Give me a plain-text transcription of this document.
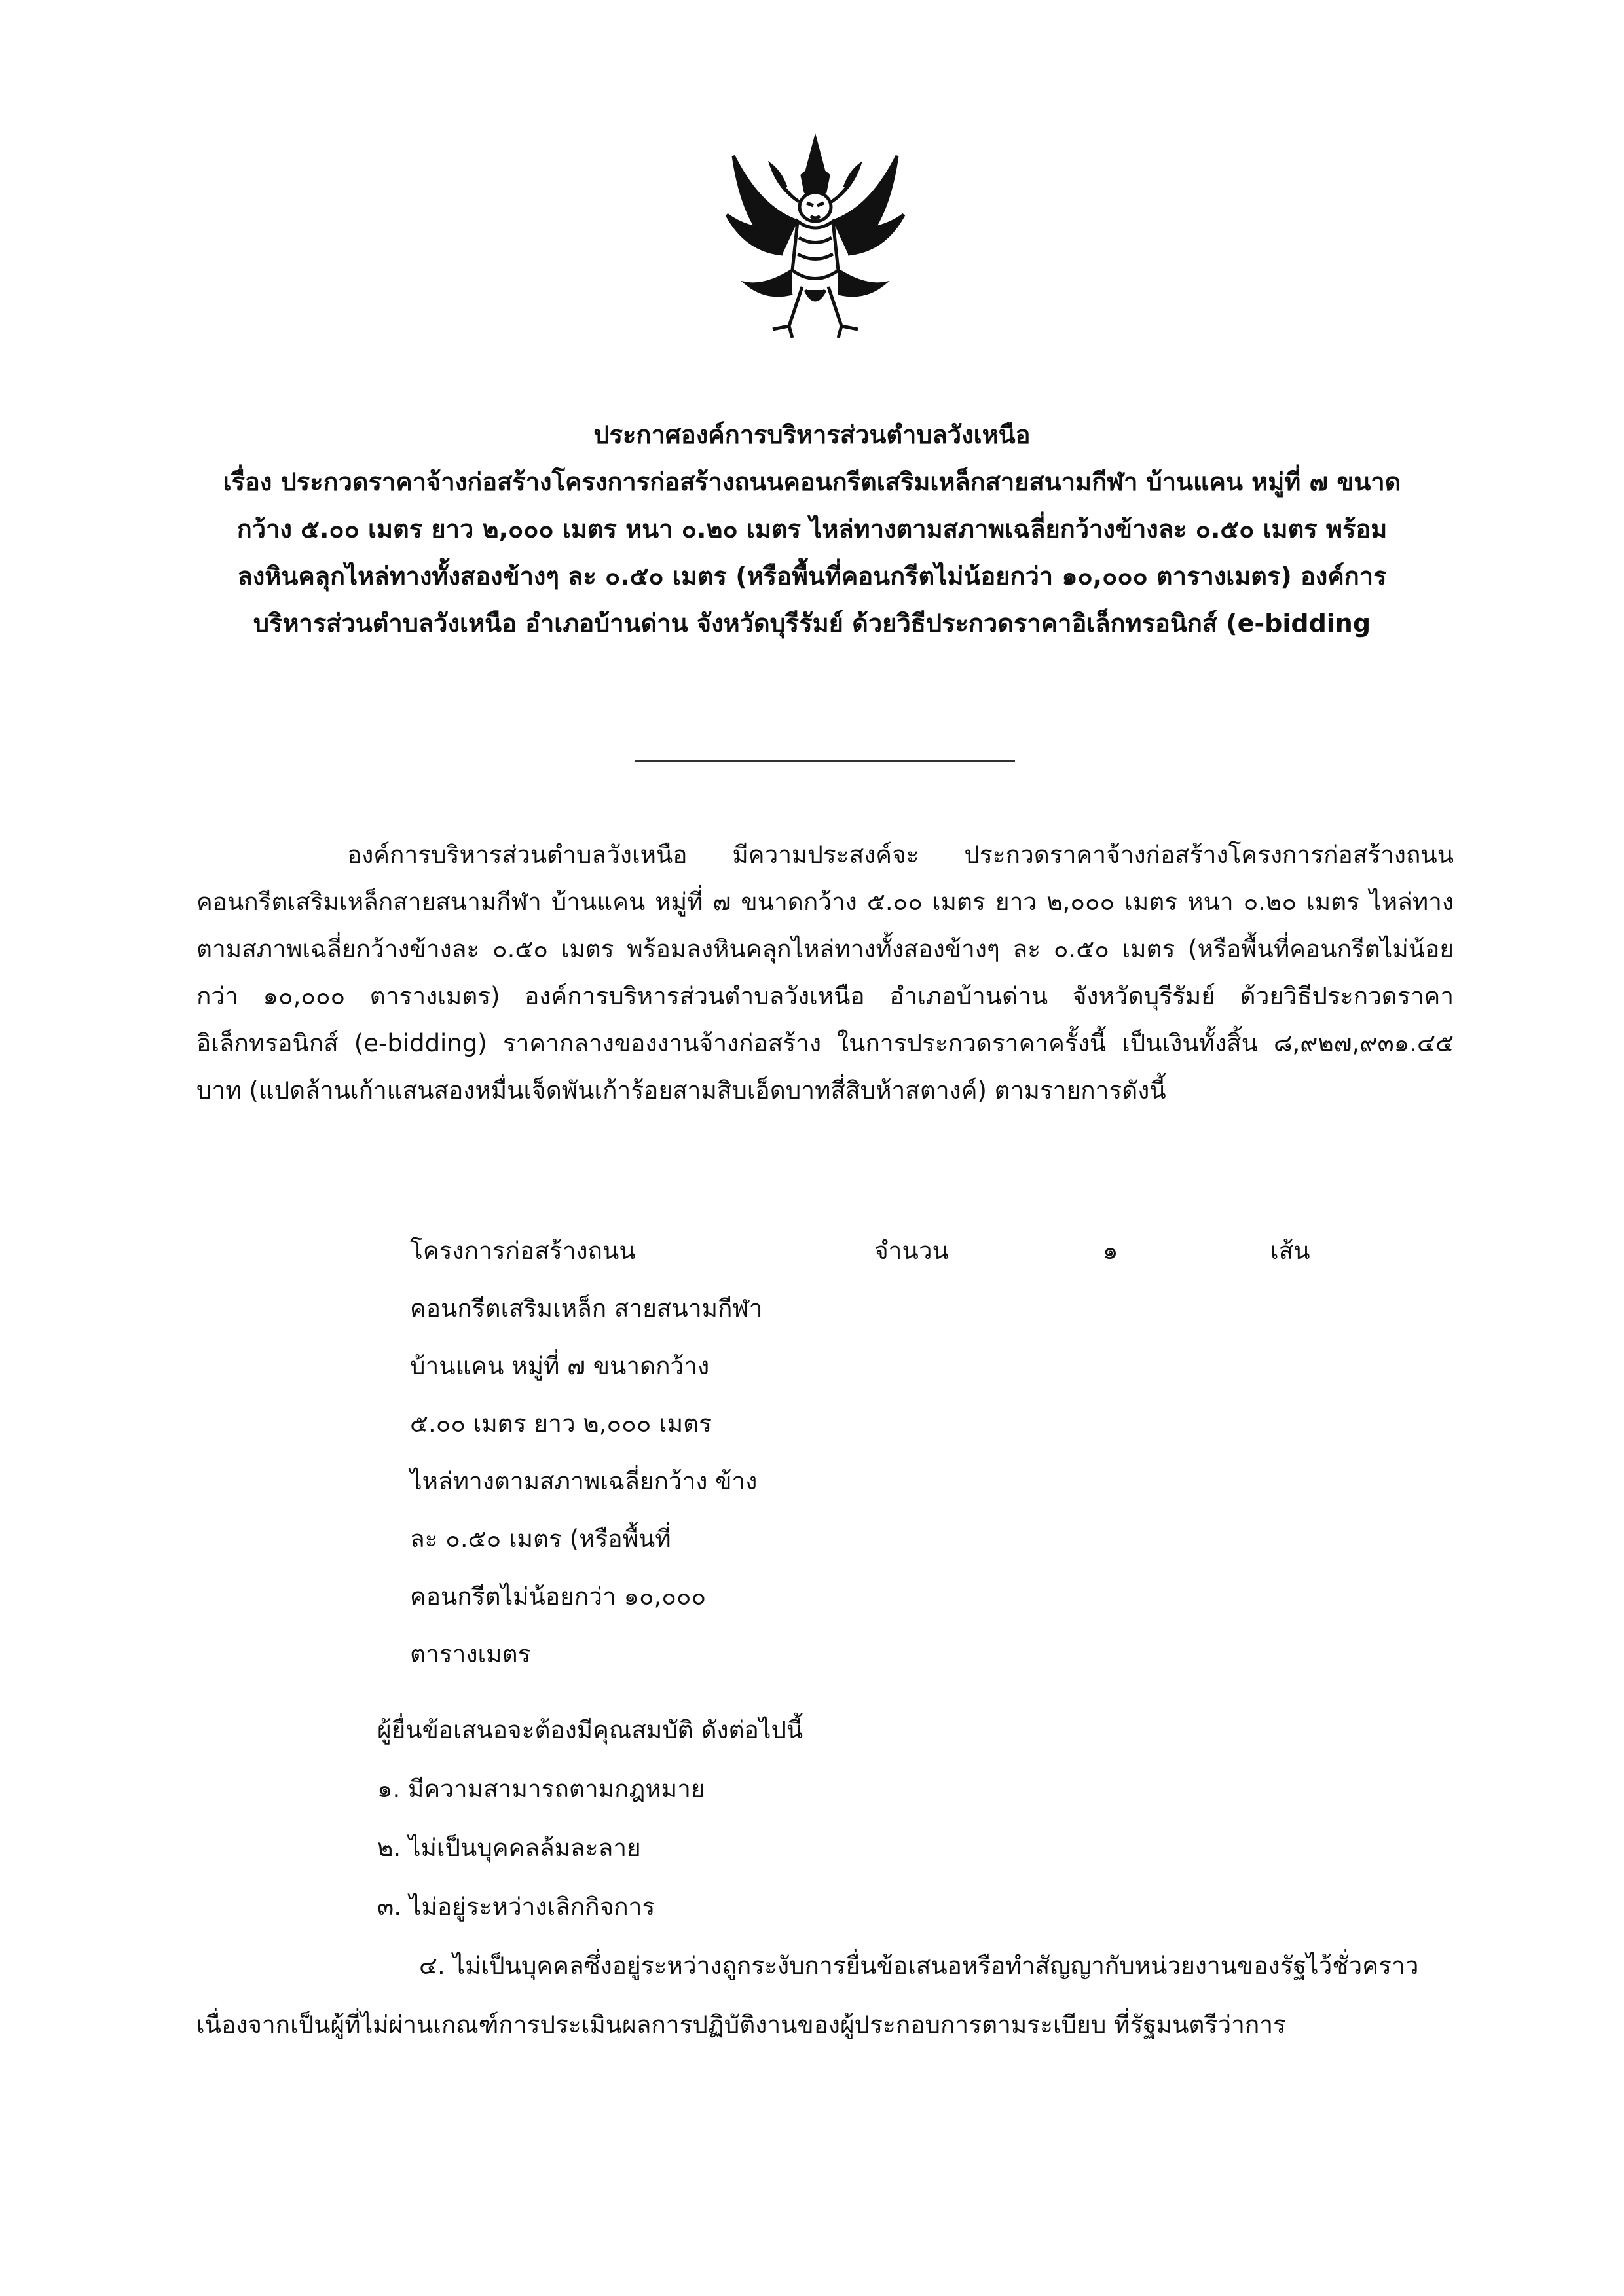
ประกาศองค์การบริหารส่วนตำบลวังเหนือ
เรื่อง ประกวดราคาจ้างก่อสร้างโครงการก่อสร้างถนนคอนกรีตเสริมเหล็กสายสนามกีฬา บ้านแคน หมู่ที่ ๗ ขนาด
กว้าง ๕.๐๐ เมตร ยาว ๒,๐๐๐ เมตร หนา ๐.๒๐ เมตร ไหล่ทางตามสภาพเฉลี่ยกว้างข้างละ ๐.๕๐ เมตร พร้อม
ลงหินคลุกไหล่ทางทั้งสองข้างๆ ละ ๐.๕๐ เมตร (หรือพื้นที่คอนกรีตไม่น้อยกว่า ๑๐,๐๐๐ ตารางเมตร) องค์การ
บริหารส่วนตำบลวังเหนือ อำเภอบ้านด่าน จังหวัดบุรีรัมย์ ด้วยวิธีประกวดราคาอิเล็กทรอนิกส์ (e-bidding

องค์การบริหารส่วนตำบลวังเหนือ มีความประสงค์จะ ประกวดราคาจ้างก่อสร้างโครงการก่อสร้างถนนคอนกรีตเสริมเหล็กสายสนามกีฬา บ้านแคน หมู่ที่ ๗ ขนาดกว้าง ๕.๐๐ เมตร ยาว ๒,๐๐๐ เมตร หนา ๐.๒๐ เมตร ไหล่ทางตามสภาพเฉลี่ยกว้างข้างละ ๐.๕๐ เมตร พร้อมลงหินคลุกไหล่ทางทั้งสองข้างๆ ละ ๐.๕๐ เมตร (หรือพื้นที่คอนกรีตไม่น้อยกว่า ๑๐,๐๐๐ ตารางเมตร) องค์การบริหารส่วนตำบลวังเหนือ อำเภอบ้านด่าน จังหวัดบุรีรัมย์ ด้วยวิธีประกวดราคาอิเล็กทรอนิกส์ (e-bidding) ราคากลางของงานจ้างก่อสร้าง ในการประกวดราคาครั้งนี้ เป็นเงินทั้งสิ้น ๘,๙๒๗,๙๓๑.๔๕ บาท (แปดล้านเก้าแสนสองหมื่นเจ็ดพันเก้าร้อยสามสิบเอ็ดบาทสี่สิบห้าสตางค์) ตามรายการดังนี้

โครงการก่อสร้างถนน
คอนกรีตเสริมเหล็ก สายสนามกีฬา
บ้านแคน หมู่ที่ ๗ ขนาดกว้าง
๕.๐๐ เมตร ยาว ๒,๐๐๐ เมตร
ไหล่ทางตามสภาพเฉลี่ยกว้าง ข้าง
ละ ๐.๕๐ เมตร (หรือพื้นที่
คอนกรีตไม่น้อยกว่า ๑๐,๐๐๐
ตารางเมตร
จำนวน	๑	เส้น
ผู้ยื่นข้อเสนอจะต้องมีคุณสมบัติ ดังต่อไปนี้
๑. มีความสามารถตามกฎหมาย
๒. ไม่เป็นบุคคลล้มละลาย
๓. ไม่อยู่ระหว่างเลิกกิจการ
๔. ไม่เป็นบุคคลซึ่งอยู่ระหว่างถูกระงับการยื่นข้อเสนอหรือทำสัญญากับหน่วยงานของรัฐไว้ชั่วคราว
เนื่องจากเป็นผู้ที่ไม่ผ่านเกณฑ์การประเมินผลการปฏิบัติงานของผู้ประกอบการตามระเบียบ ที่รัฐมนตรีว่าการ
